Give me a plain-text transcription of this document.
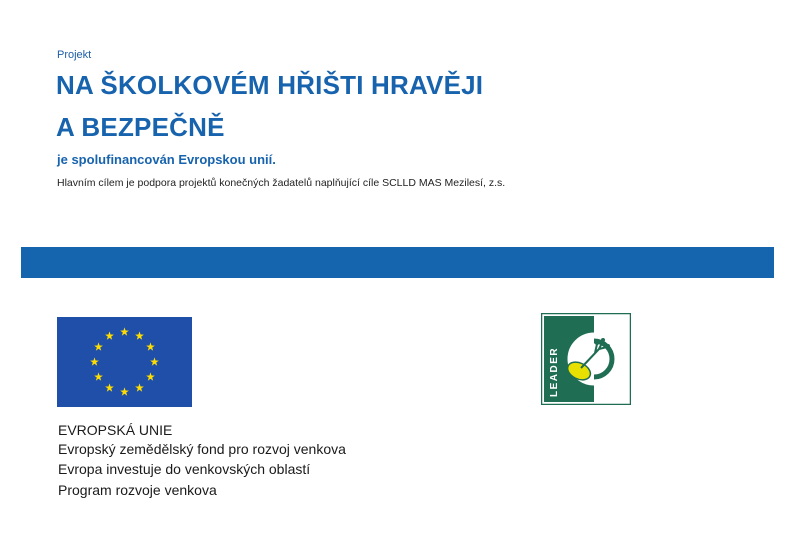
Projekt
NA ŠKOLKOVÉM HŘIŠTI HRAVĚJI
A BEZPEČNĚ
je spolufinancován Evropskou unií.
Hlavním cílem je podpora projektů konečných žadatelů naplňující cíle SCLLD MAS Mezilesí, z.s.
LEADER
EVROPSKÁ UNIE
Evropský zemědělský fond pro rozvoj venkova
Evropa investuje do venkovských oblastí
Program rozvoje venkova
